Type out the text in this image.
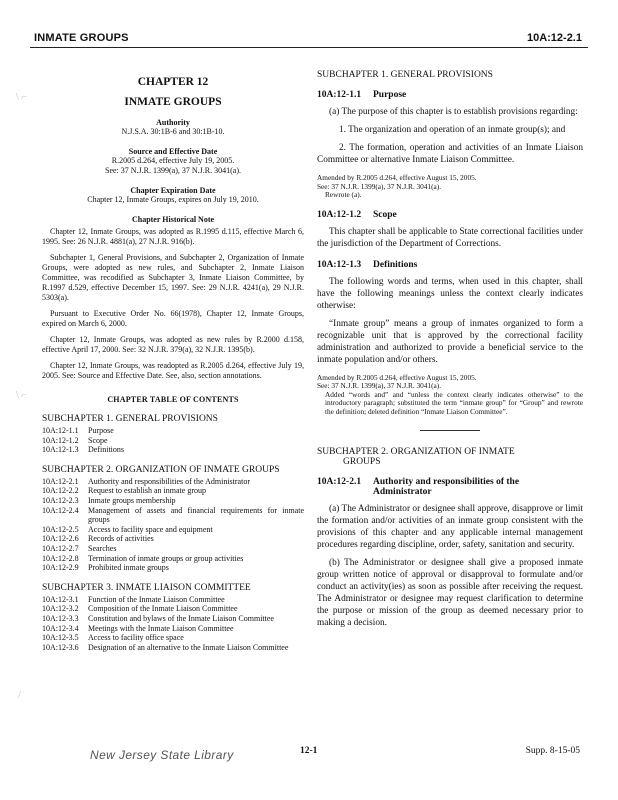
INMATE GROUPS	10A:12-2.1
\ ⌐
\ ⌐
/
CHAPTER 12
INMATE GROUPS
Authority
N.J.S.A. 30:1B-6 and 30:1B-10.
Source and Effective Date
R.2005 d.264, effective July 19, 2005.
See: 37 N.J.R. 1399(a), 37 N.J.R. 3041(a).
Chapter Expiration Date
Chapter 12, Inmate Groups, expires on July 19, 2010.
Chapter Historical Note
Chapter 12, Inmate Groups, was adopted as R.1995 d.115, effective March 6, 1995. See: 26 N.J.R. 4881(a), 27 N.J.R. 916(b).
Subchapter 1, General Provisions, and Subchapter 2, Organization of Inmate Groups, were adopted as new rules, and Subchapter 2, Inmate Liaison Committee, was recodified as Subchapter 3, Inmate Liaison Committee, by R.1997 d.529, effective December 15, 1997. See: 29 N.J.R. 4241(a), 29 N.J.R. 5303(a).
Pursuant to Executive Order No. 66(1978), Chapter 12, Inmate Groups, expired on March 6, 2000.
Chapter 12, Inmate Groups, was adopted as new rules by R.2000 d.158, effective April 17, 2000. See: 32 N.J.R. 379(a), 32 N.J.R. 1395(b).
Chapter 12, Inmate Groups, was readopted as R.2005 d.264, effective July 19, 2005. See: Source and Effective Date. See, also, section annotations.
CHAPTER TABLE OF CONTENTS
SUBCHAPTER 1. GENERAL PROVISIONS
10A:12-1.1	Purpose
10A:12-1.2	Scope
10A:12-1.3	Definitions
SUBCHAPTER 2. ORGANIZATION OF INMATE GROUPS
10A:12-2.1	Authority and responsibilities of the Administrator
10A:12-2.2	Request to establish an inmate group
10A:12-2.3	Inmate groups membership
10A:12-2.4	Management of assets and financial requirements for inmate groups
10A:12-2.5	Access to facility space and equipment
10A:12-2.6	Records of activities
10A:12-2.7	Searches
10A:12-2.8	Termination of inmate groups or group activities
10A:12-2.9	Prohibited inmate groups
SUBCHAPTER 3. INMATE LIAISON COMMITTEE
10A:12-3.1	Function of the Inmate Liaison Committee
10A:12-3.2	Composition of the Inmate Liaison Committee
10A:12-3.3	Constitution and bylaws of the Inmate Liaison Committee
10A:12-3.4	Meetings with the Inmate Liaison Committee
10A:12-3.5	Access to facility office space
10A:12-3.6	Designation of an alternative to the Inmate Liaison Committee
SUBCHAPTER 1. GENERAL PROVISIONS
10A:12-1.1 Purpose

(a) The purpose of this chapter is to establish provisions regarding:

1. The organization and operation of an inmate group(s); and

2. The formation, operation and activities of an Inmate Liaison Committee or alternative Inmate Liaison Committee.

Amended by R.2005 d.264, effective August 15, 2005.
See: 37 N.J.R. 1399(a), 37 N.J.R. 3041(a).
Rewrote (a).
10A:12-1.2 Scope

This chapter shall be applicable to State correctional facilities under the jurisdiction of the Department of Corrections.

10A:12-1.3 Definitions

The following words and terms, when used in this chapter, shall have the following meanings unless the context clearly indicates otherwise:

“Inmate group” means a group of inmates organized to form a recognizable unit that is approved by the correctional facility administration and authorized to provide a beneficial service to the inmate population and/or others.

Amended by R.2005 d.264, effective August 15, 2005.
See: 37 N.J.R. 1399(a), 37 N.J.R. 3041(a).
Added “words and” and “unless the context clearly indicates otherwise” to the introductory paragraph; substituted the term “inmate group” for “Group” and rewrote the definition; deleted definition “Inmate Liaison Committee”.
SUBCHAPTER 2. ORGANIZATION OF INMATE
GROUPS
10A:12-2.1 Authority and responsibilities of the
Administrator

(a) The Administrator or designee shall approve, disapprove or limit the formation and/or activities of an inmate group consistent with the provisions of this chapter and any applicable internal management procedures regarding discipline, order, safety, sanitation and security.

(b) The Administrator or designee shall give a proposed inmate group written notice of approval or disapproval to formulate and/or conduct an activity(ies) as soon as possible after receiving the request. The Administrator or designee may request clarification to determine the purpose or mission of the group as deemed necessary prior to making a decision.

New Jersey State Library	12-1	Supp. 8-15-05
